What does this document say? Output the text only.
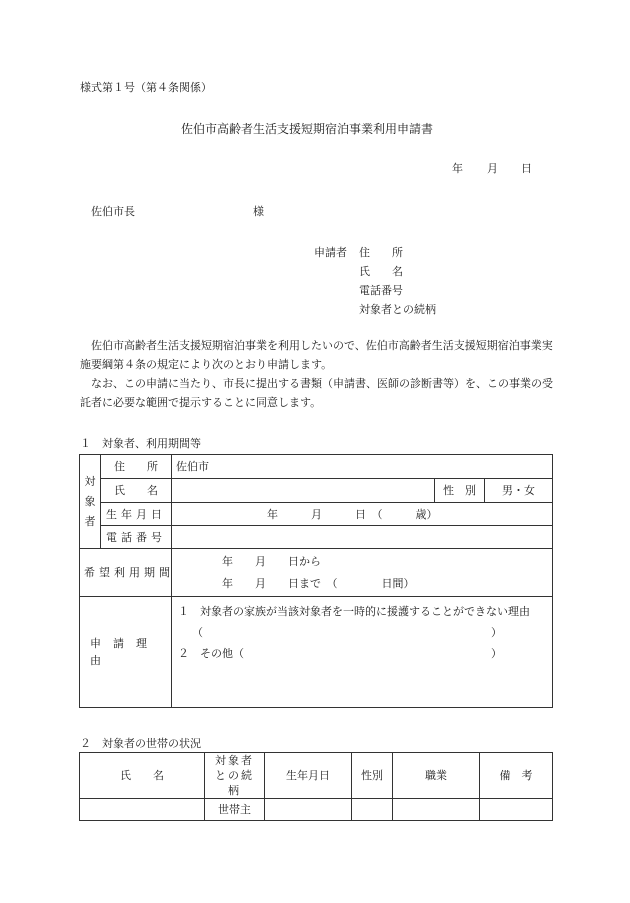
様式第１号（第４条関係）
佐伯市高齢者生活支援短期宿泊事業利用申請書
年 月 日
佐伯市長	様
申請者 住　　所
氏　　名
電話番号
対象者との続柄

佐伯市高齢者生活支援短期宿泊事業を利用したいので、佐伯市高齢者生活支援短期宿泊事業実施要綱第４条の規定により次のとおり申請します。

なお、この申請に当たり、市長に提出する書類（申請書、医師の診断書等）を、この事業の受託者に必要な範囲で提示することに同意します。

１　対象者、利用期間等
対象者	住　　所	佐伯市		
	氏　　名		性　別	男・女
	生年月日	年　　　月　　　日　（　　　歳）		
	電話番号			
希望利用期間		年　　月　　日から
年　　月　　日まで　（　　　　日間）		

申請理由		１　対象者の家族が当該対象者を一時的に援護することができない理由
（ ）
２　その他（ ）		
２　対象者の世帯の状況
氏　　名	対象者との続柄	生年月日	性別	職業	備　考
	世帯主				
